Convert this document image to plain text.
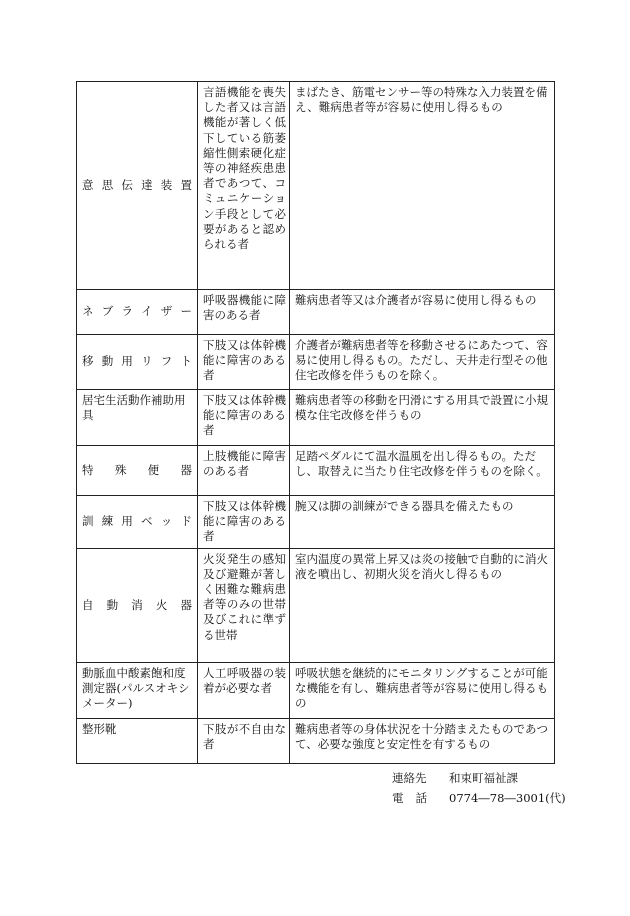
意思伝達装置	言語機能を喪失した者又は言語機能が著しく低下している筋萎縮性側索硬化症等の神経疾患患者であつて、コミュニケーション手段として必要があると認められる者	まばたき、筋電センサー等の特殊な入力装置を備え、難病患者等が容易に使用し得るもの

ネブライザー	呼吸器機能に障害のある者	難病患者等又は介護者が容易に使用し得るもの

移動用リフト	下肢又は体幹機能に障害のある者	介護者が難病患者等を移動させるにあたつて、容易に使用し得るもの。ただし、天井走行型その他住宅改修を伴うものを除く。

居宅生活動作補助用具	下肢又は体幹機能に障害のある者	難病患者等の移動を円滑にする用具で設置に小規模な住宅改修を伴うもの

特殊便器	上肢機能に障害のある者	足踏ペダルにて温水温風を出し得るもの。ただし、取替えに当たり住宅改修を伴うものを除く。

訓練用ベッド	下肢又は体幹機能に障害のある者	腕又は脚の訓練ができる器具を備えたもの

自動消火器	火災発生の感知及び避難が著しく困難な難病患者等のみの世帯及びこれに準ずる世帯	室内温度の異常上昇又は炎の接触で自動的に消火液を噴出し、初期火災を消火し得るもの

動脈血中酸素飽和度測定器(パルスオキシメーター)	人工呼吸器の装着が必要な者	呼吸状態を継続的にモニタリングすることが可能な機能を有し、難病患者等が容易に使用し得るもの

整形靴	下肢が不自由な者	難病患者等の身体状況を十分踏まえたものであつて、必要な強度と安定性を有するもの
連絡先	和束町福祉課
電話 0774―78―3001(代)
